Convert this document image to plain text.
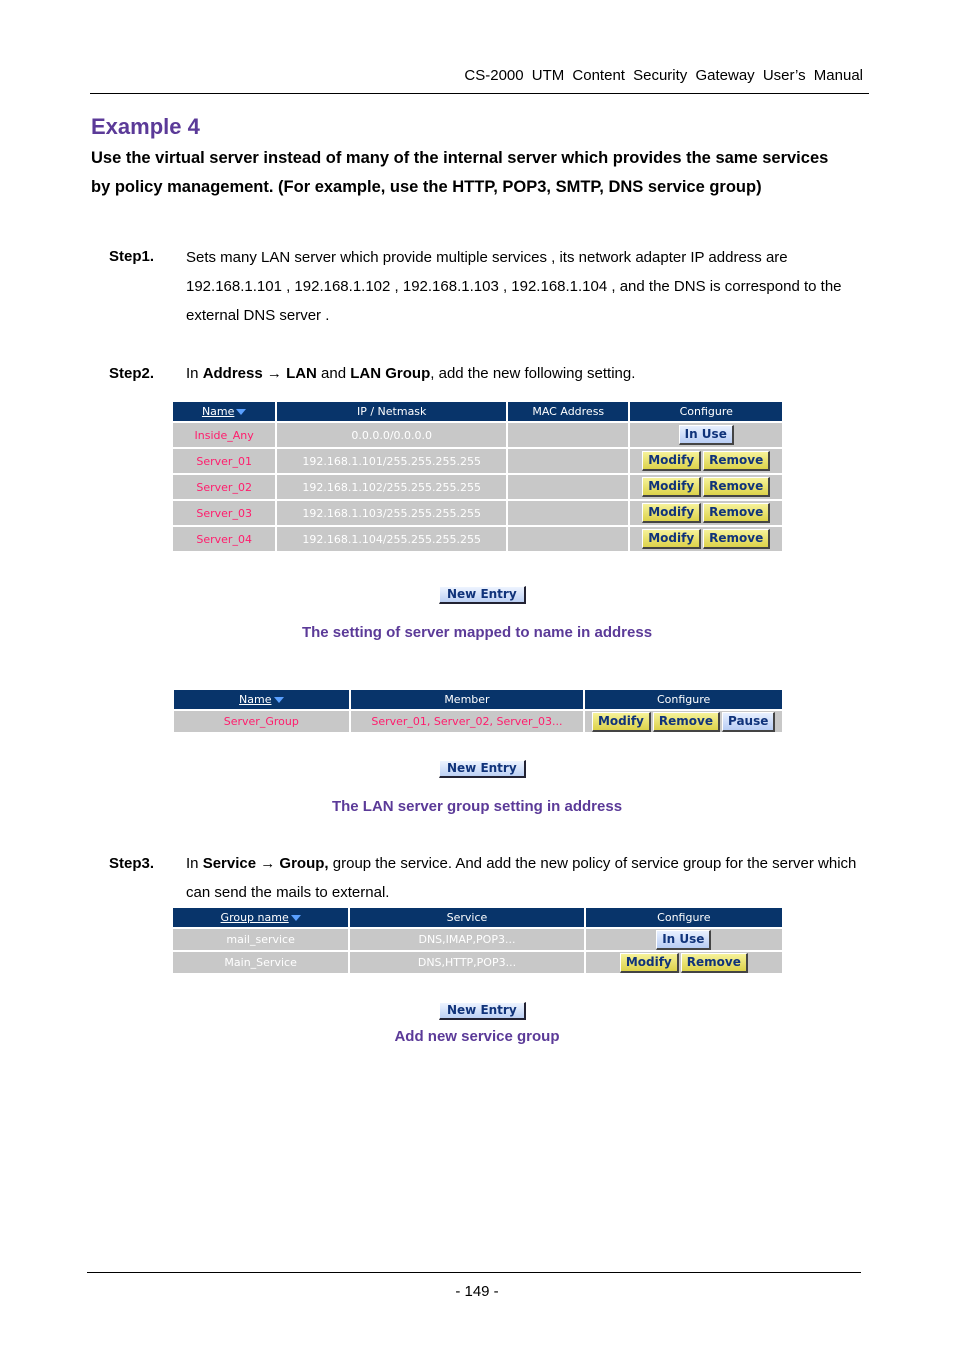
CS-2000 UTM Content Security Gateway User’s Manual
Example 4
Use the virtual server instead of many of the internal server which provides the same services by policy management. (For example, use the HTTP, POP3, SMTP, DNS service group)
Step1. Sets many LAN server which provide multiple services , its network adapter IP address are 192.168.1.101 , 192.168.1.102 , 192.168.1.103 , 192.168.1.104 , and the DNS is correspond to the external DNS server .
Step2. In Address → LAN and LAN Group, add the new following setting.
Name	IP / Netmask	MAC Address	Configure
Inside_Any	0.0.0.0/0.0.0.0		In Use
Server_01	192.168.1.101/255.255.255.255		Modify Remove
Server_02	192.168.1.102/255.255.255.255		Modify Remove
Server_03	192.168.1.103/255.255.255.255		Modify Remove
Server_04	192.168.1.104/255.255.255.255		Modify Remove
New Entry
The setting of server mapped to name in address
Name	Member	Configure
Server_Group	Server_01, Server_02, Server_03...	Modify Remove Pause
New Entry
The LAN server group setting in address
Step3. In Service → Group, group the service. And add the new policy of service group for the server which can send the mails to external.
Group name	Service	Configure
mail_service	DNS,IMAP,POP3...	In Use
Main_Service	DNS,HTTP,POP3...	Modify Remove
New Entry
Add new service group
- 149 -
